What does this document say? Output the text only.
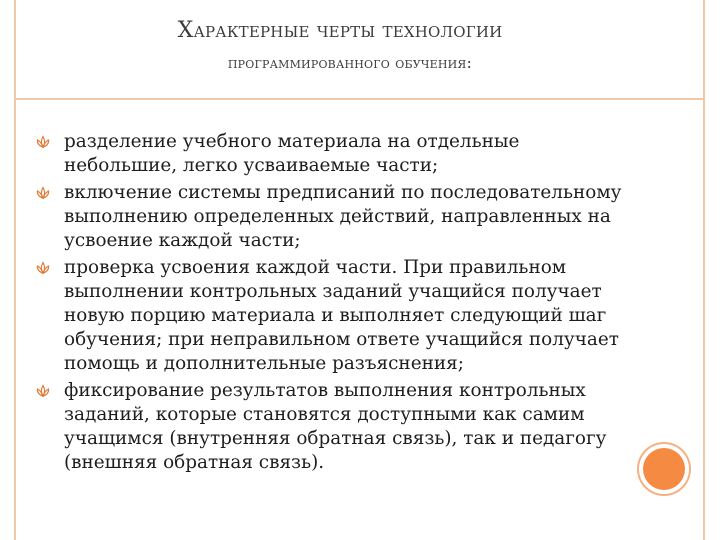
Характерные черты технологии
программированного обучения:
разделение учебного материала на отдельные небольшие, легко усваиваемые части;
включение системы предписаний по последовательному выполнению определенных действий, направленных на усвоение каждой части;
проверка усвоения каждой части. При правильном выполнении контрольных заданий учащийся получает новую порцию материала и выполняет следующий шаг обучения; при неправильном ответе учащийся получает помощь и дополнительные разъяснения;
фиксирование результатов выполнения контрольных заданий, которые становятся доступными как самим учащимся (внутренняя обратная связь), так и педагогу (внешняя обратная связь).
